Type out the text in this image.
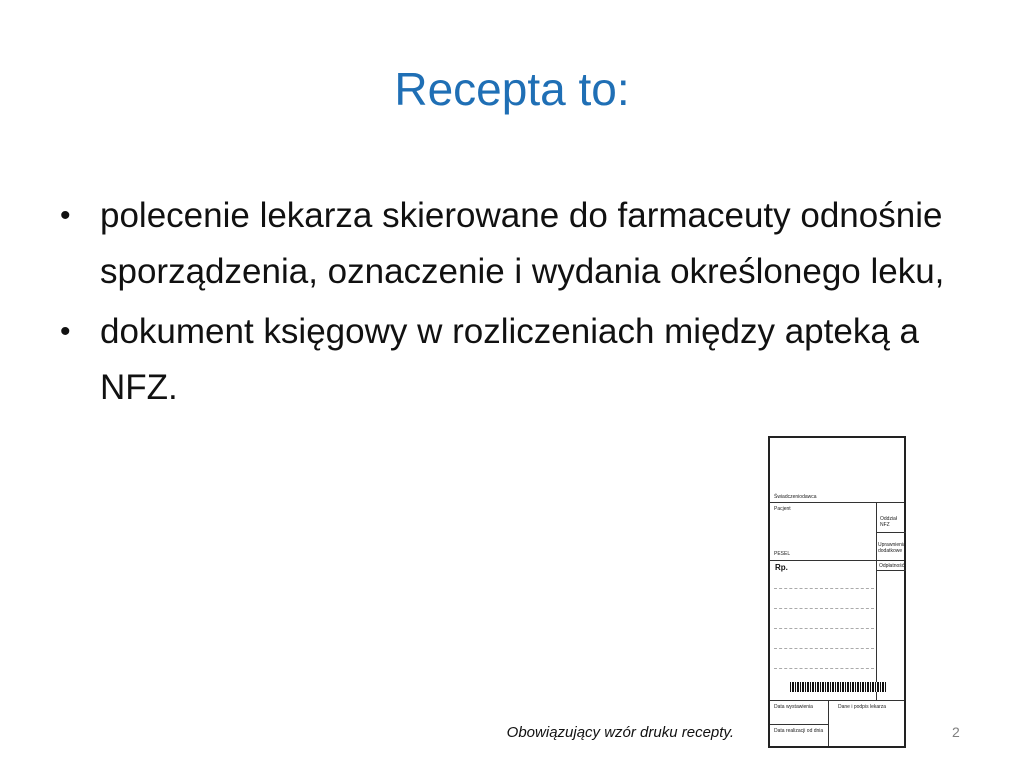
Recepta to:
• polecenie lekarza skierowane do farmaceuty odnośnie sporządzenia, oznaczenie i wydania określonego leku,
• dokument księgowy w rozliczeniach między apteką a NFZ.
Świadczeniodawca
Pacjent
Oddział NFZ
Uprawnienia dodatkowe
PESEL
Rp.	Odpłatność
Data wystawienia	Dane i podpis lekarza
Data realizacji od dnia
Obowiązujący wzór druku recepty.	2
